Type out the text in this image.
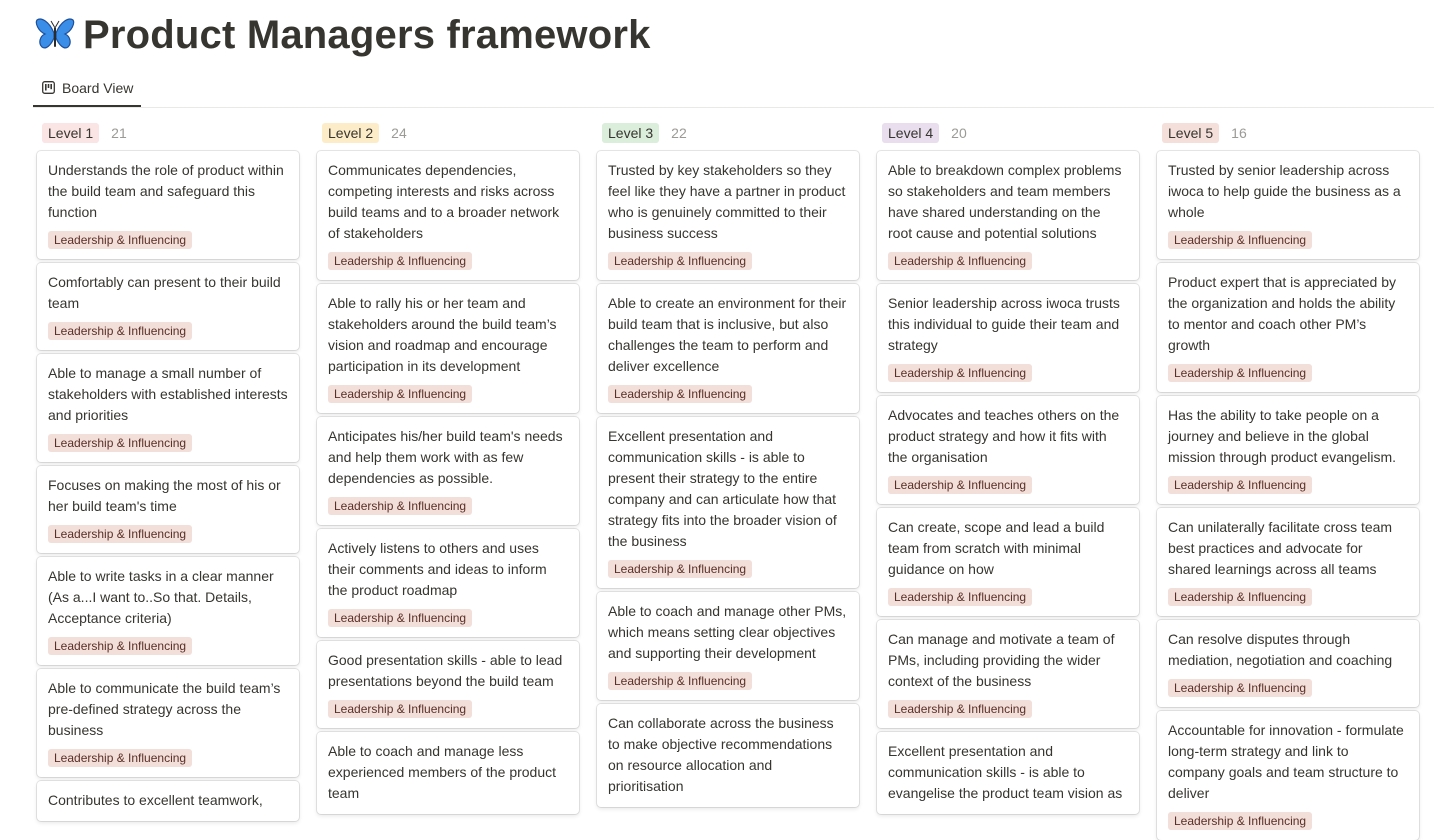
Product Managers framework
Board View
Level 1	21
Understands the role of product within the build team and safeguard this function
Leadership & Influencing
Comfortably can present to their build team
Leadership & Influencing
Able to manage a small number of stakeholders with established interests and priorities
Leadership & Influencing
Focuses on making the most of his or her build team's time
Leadership & Influencing
Able to write tasks in a clear manner (As a...I want to..So that. Details, Acceptance criteria)
Leadership & Influencing
Able to communicate the build team’s pre-defined strategy across the business
Leadership & Influencing
Contributes to excellent teamwork,
Level 2	24
Communicates dependencies, competing interests and risks across build teams and to a broader network of stakeholders
Leadership & Influencing
Able to rally his or her team and stakeholders around the build team’s vision and roadmap and encourage participation in its development
Leadership & Influencing
Anticipates his/her build team's needs and help them work with as few dependencies as possible.
Leadership & Influencing
Actively listens to others and uses their comments and ideas to inform the product roadmap
Leadership & Influencing
Good presentation skills - able to lead presentations beyond the build team
Leadership & Influencing
Able to coach and manage less experienced members of the product team
Level 3	22
Trusted by key stakeholders so they feel like they have a partner in product who is genuinely committed to their business success
Leadership & Influencing
Able to create an environment for their build team that is inclusive, but also challenges the team to perform and deliver excellence
Leadership & Influencing
Excellent presentation and communication skills - is able to present their strategy to the entire company and can articulate how that strategy fits into the broader vision of the business
Leadership & Influencing
Able to coach and manage other PMs, which means setting clear objectives and supporting their development
Leadership & Influencing
Can collaborate across the business to make objective recommendations on resource allocation and prioritisation
Level 4	20
Able to breakdown complex problems so stakeholders and team members have shared understanding on the root cause and potential solutions
Leadership & Influencing
Senior leadership across iwoca trusts this individual to guide their team and strategy
Leadership & Influencing
Advocates and teaches others on the product strategy and how it fits with the organisation
Leadership & Influencing
Can create, scope and lead a build team from scratch with minimal guidance on how
Leadership & Influencing
Can manage and motivate a team of PMs, including providing the wider context of the business
Leadership & Influencing
Excellent presentation and communication skills - is able to evangelise the product team vision as
Level 5	16
Trusted by senior leadership across iwoca to help guide the business as a whole
Leadership & Influencing
Product expert that is appreciated by the organization and holds the ability to mentor and coach other PM’s growth
Leadership & Influencing
Has the ability to take people on a journey and believe in the global mission through product evangelism.
Leadership & Influencing
Can unilaterally facilitate cross team best practices and advocate for shared learnings across all teams
Leadership & Influencing
Can resolve disputes through mediation, negotiation and coaching
Leadership & Influencing
Accountable for innovation - formulate long-term strategy and link to company goals and team structure to deliver
Leadership & Influencing
